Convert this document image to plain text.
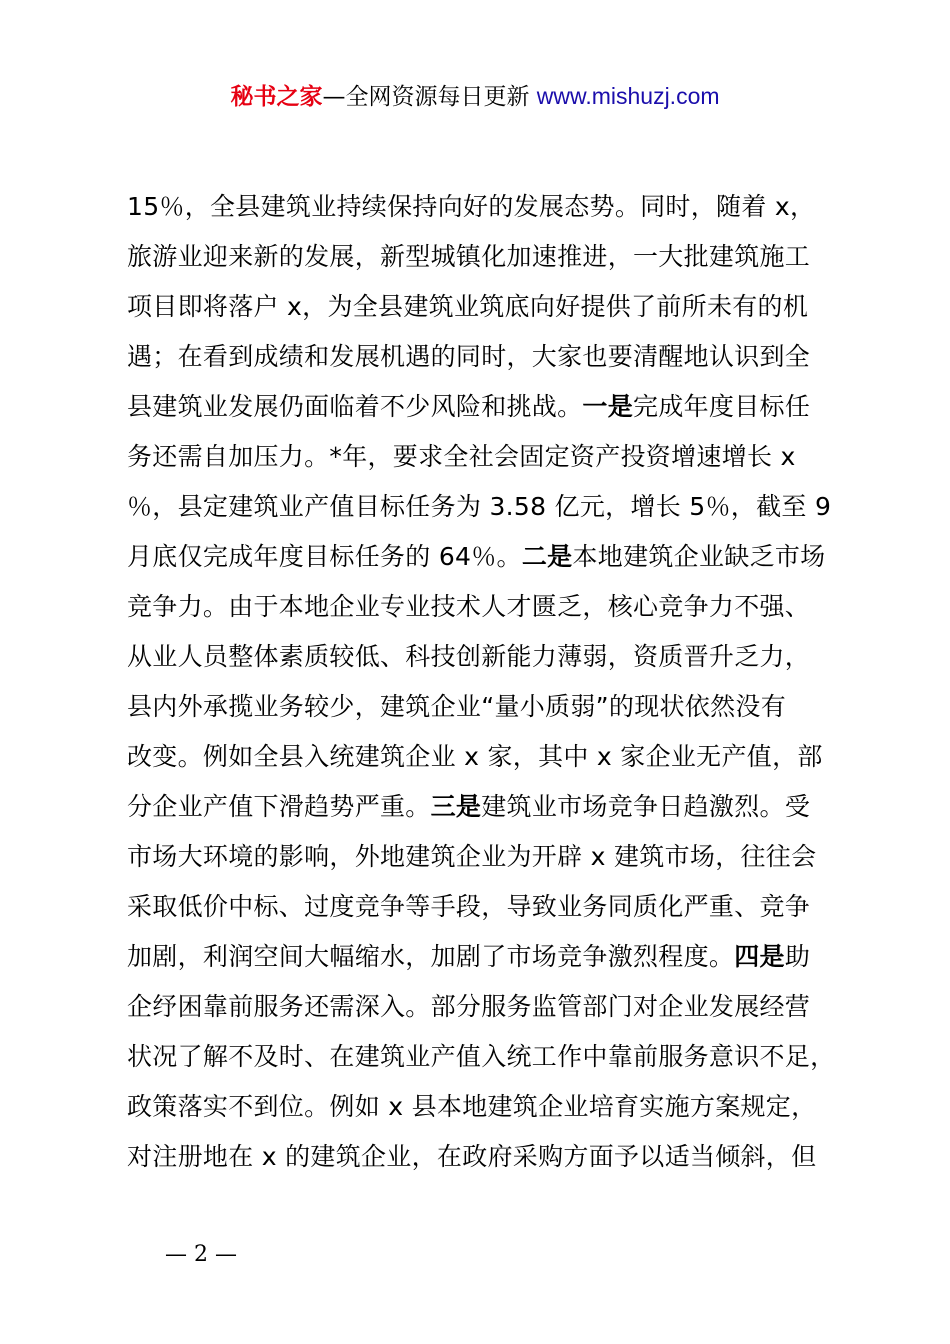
秘书之家—全网资源每日更新 www.mishuzj.com
15％，全县建筑业持续保持向好的发展态势。同时，随着 x，
旅游业迎来新的发展，新型城镇化加速推进，一大批建筑施工
项目即将落户 x，为全县建筑业筑底向好提供了前所未有的机
遇；在看到成绩和发展机遇的同时，大家也要清醒地认识到全
县建筑业发展仍面临着不少风险和挑战。一是完成年度目标任
务还需自加压力。*年，要求全社会固定资产投资增速增长 x
％，县定建筑业产值目标任务为 3.58 亿元，增长 5％，截至 9
月底仅完成年度目标任务的 64％。二是本地建筑企业缺乏市场
竞争力。由于本地企业专业技术人才匮乏，核心竞争力不强、
从业人员整体素质较低、科技创新能力薄弱，资质晋升乏力，
县内外承揽业务较少，建筑企业“量小质弱”的现状依然没有
改变。例如全县入统建筑企业 x 家，其中 x 家企业无产值，部
分企业产值下滑趋势严重。三是建筑业市场竞争日趋激烈。受
市场大环境的影响，外地建筑企业为开辟 x 建筑市场，往往会
采取低价中标、过度竞争等手段，导致业务同质化严重、竞争
加剧，利润空间大幅缩水，加剧了市场竞争激烈程度。四是助
企纾困靠前服务还需深入。部分服务监管部门对企业发展经营
状况了解不及时、在建筑业产值入统工作中靠前服务意识不足，
政策落实不到位。例如 x 县本地建筑企业培育实施方案规定，
对注册地在 x 的建筑企业，在政府采购方面予以适当倾斜，但
— 2 —
